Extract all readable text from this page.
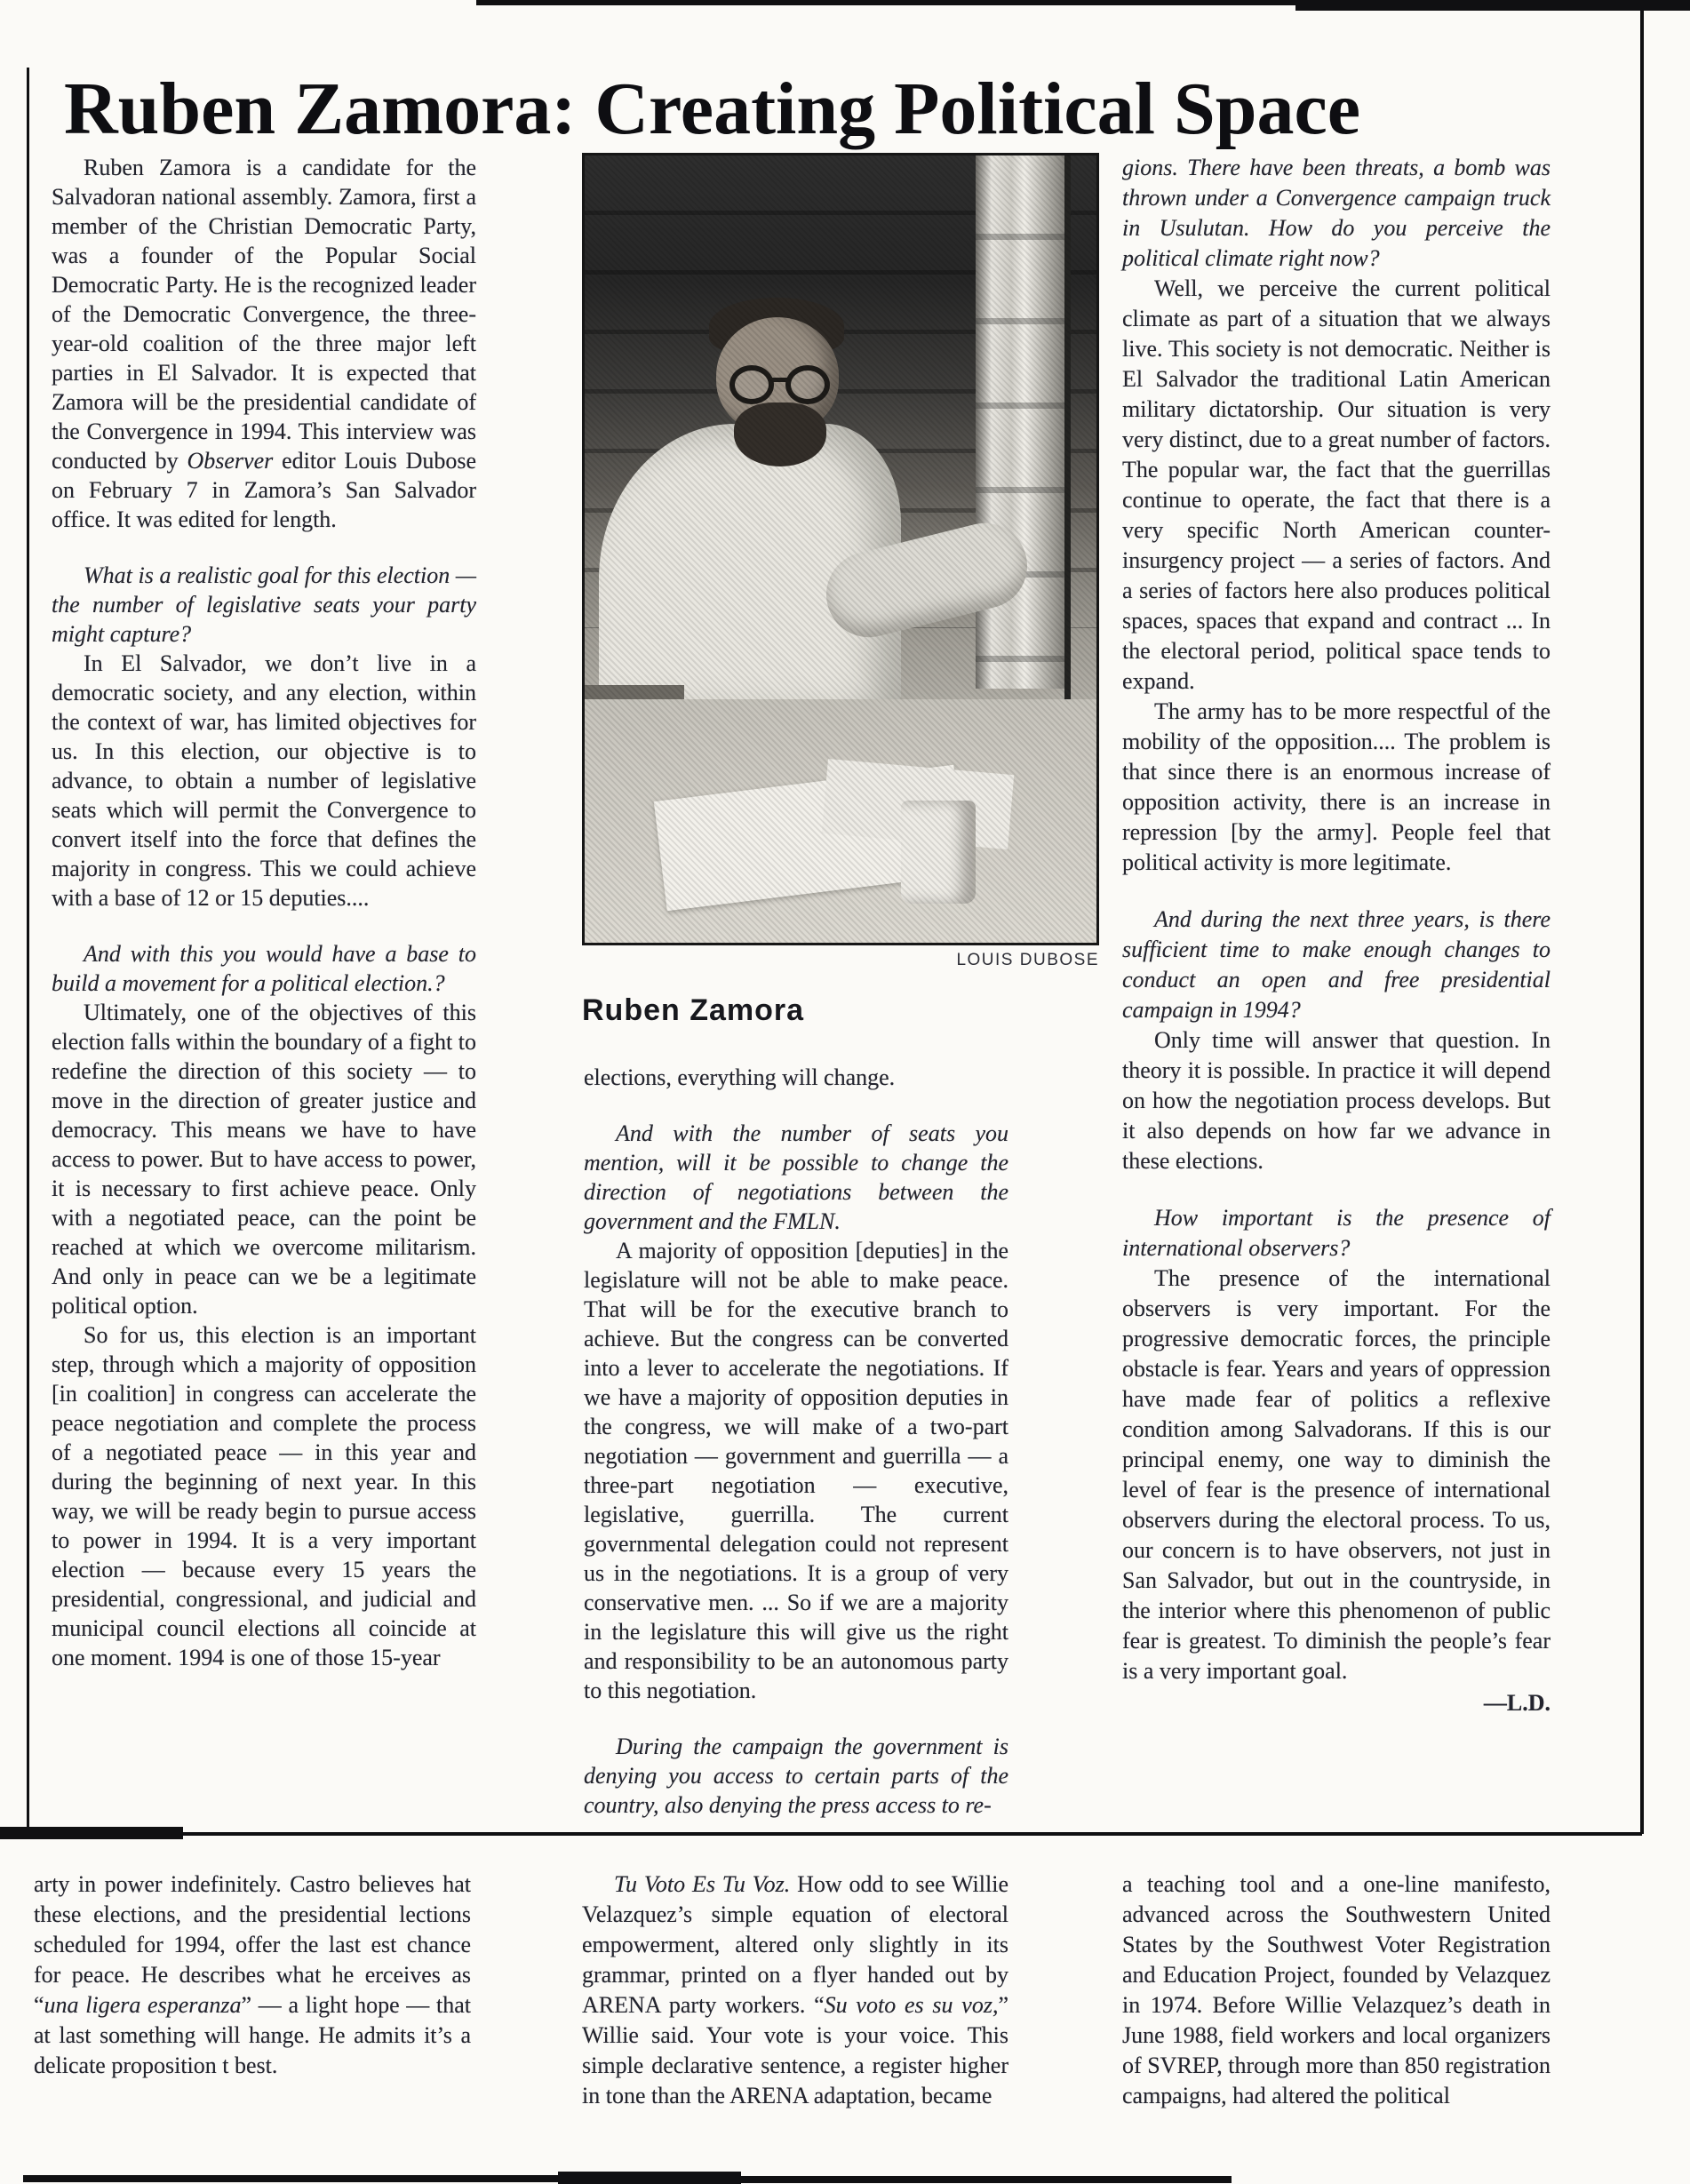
Ruben Zamora: Creating Political Space

Ruben Zamora is a candidate for the Salvadoran national assembly. Zamora, first a member of the Christian Democratic Party, was a founder of the Popular Social Democratic Party. He is the recognized leader of the Democratic Convergence, the three-year-old coalition of the three major left parties in El Salvador. It is expected that Zamora will be the presidential candidate of the Convergence in 1994. This interview was conducted by Observer editor Louis Dubose on February 7 in Zamora’s San Salvador office. It was edited for length.

What is a realistic goal for this election — the number of legislative seats your party might capture?

In El Salvador, we don’t live in a democratic society, and any election, within the context of war, has limited objectives for us. In this election, our objective is to advance, to obtain a number of legislative seats which will permit the Convergence to convert itself into the force that defines the majority in congress. This we could achieve with a base of 12 or 15 deputies....

And with this you would have a base to build a movement for a political election.?

Ultimately, one of the objectives of this election falls within the boundary of a fight to redefine the direction of this society — to move in the direction of greater justice and democracy. This means we have to have access to power. But to have access to power, it is necessary to first achieve peace. Only with a negotiated peace, can the point be reached at which we overcome militarism. And only in peace can we be a legitimate political option.

So for us, this election is an important step, through which a majority of opposition [in coalition] in congress can accelerate the peace negotiation and complete the process of a negotiated peace — in this year and during the beginning of next year. In this way, we will be ready begin to pursue access to power in 1994. It is a very important election — because every 15 years the presidential, congressional, and judicial and municipal council elections all coincide at one moment. 1994 is one of those 15-year

LOUIS DUBOSE
Ruben Zamora

elections, everything will change.

And with the number of seats you mention, will it be possible to change the direction of negotiations between the government and the FMLN.

A majority of opposition [deputies] in the legislature will not be able to make peace. That will be for the executive branch to achieve. But the congress can be converted into a lever to accelerate the negotiations. If we have a majority of opposition deputies in the congress, we will make of a two-part negotiation — government and guerrilla — a three-part negotiation — executive, legislative, guerrilla. The current governmental delegation could not represent us in the negotiations. It is a group of very conservative men. ... So if we are a majority in the legislature this will give us the right and responsibility to be an autonomous party to this negotiation.

During the campaign the government is denying you access to certain parts of the country, also denying the press access to re-

gions. There have been threats, a bomb was thrown under a Convergence campaign truck in Usulutan. How do you perceive the political climate right now?

Well, we perceive the current political climate as part of a situation that we always live. This society is not democratic. Neither is El Salvador the traditional Latin American military dictatorship. Our situation is very very distinct, due to a great number of factors. The popular war, the fact that the guerrillas continue to operate, the fact that there is a very specific North American counter-insurgency project — a series of factors. And a series of factors here also produces political spaces, spaces that expand and contract ... In the electoral period, political space tends to expand.

The army has to be more respectful of the mobility of the opposition.... The problem is that since there is an enormous increase of opposition activity, there is an increase in repression [by the army]. People feel that political activity is more legitimate.

And during the next three years, is there sufficient time to make enough changes to conduct an open and free presidential campaign in 1994?

Only time will answer that question. In theory it is possible. In practice it will depend on how the negotiation process develops. But it also depends on how far we advance in these elections.

How important is the presence of international observers?

The presence of the international observers is very important. For the progressive democratic forces, the principle obstacle is fear. Years and years of oppression have made fear of politics a reflexive condition among Salvadorans. If this is our principal enemy, one way to diminish the level of fear is the presence of international observers during the electoral process. To us, our concern is to have observers, not just in San Salvador, but out in the countryside, in the interior where this phenomenon of public fear is greatest. To diminish the people’s fear is a very important goal.

—L.D.

arty in power indefinitely. Castro believes hat these elections, and the presidential lections scheduled for 1994, offer the last est chance for peace. He describes what he erceives as “una ligera esperanza” — a light hope — that at last something will hange. He admits it’s a delicate proposition t best.

Tu Voto Es Tu Voz. How odd to see Willie Velazquez’s simple equation of electoral empowerment, altered only slightly in its grammar, printed on a flyer handed out by ARENA party workers. “Su voto es su voz,” Willie said. Your vote is your voice. This simple declarative sentence, a register higher in tone than the ARENA adaptation, became

a teaching tool and a one-line manifesto, advanced across the Southwestern United States by the Southwest Voter Registration and Education Project, founded by Velazquez in 1974. Before Willie Velazquez’s death in June 1988, field workers and local organizers of SVREP, through more than 850 registration campaigns, had altered the political
